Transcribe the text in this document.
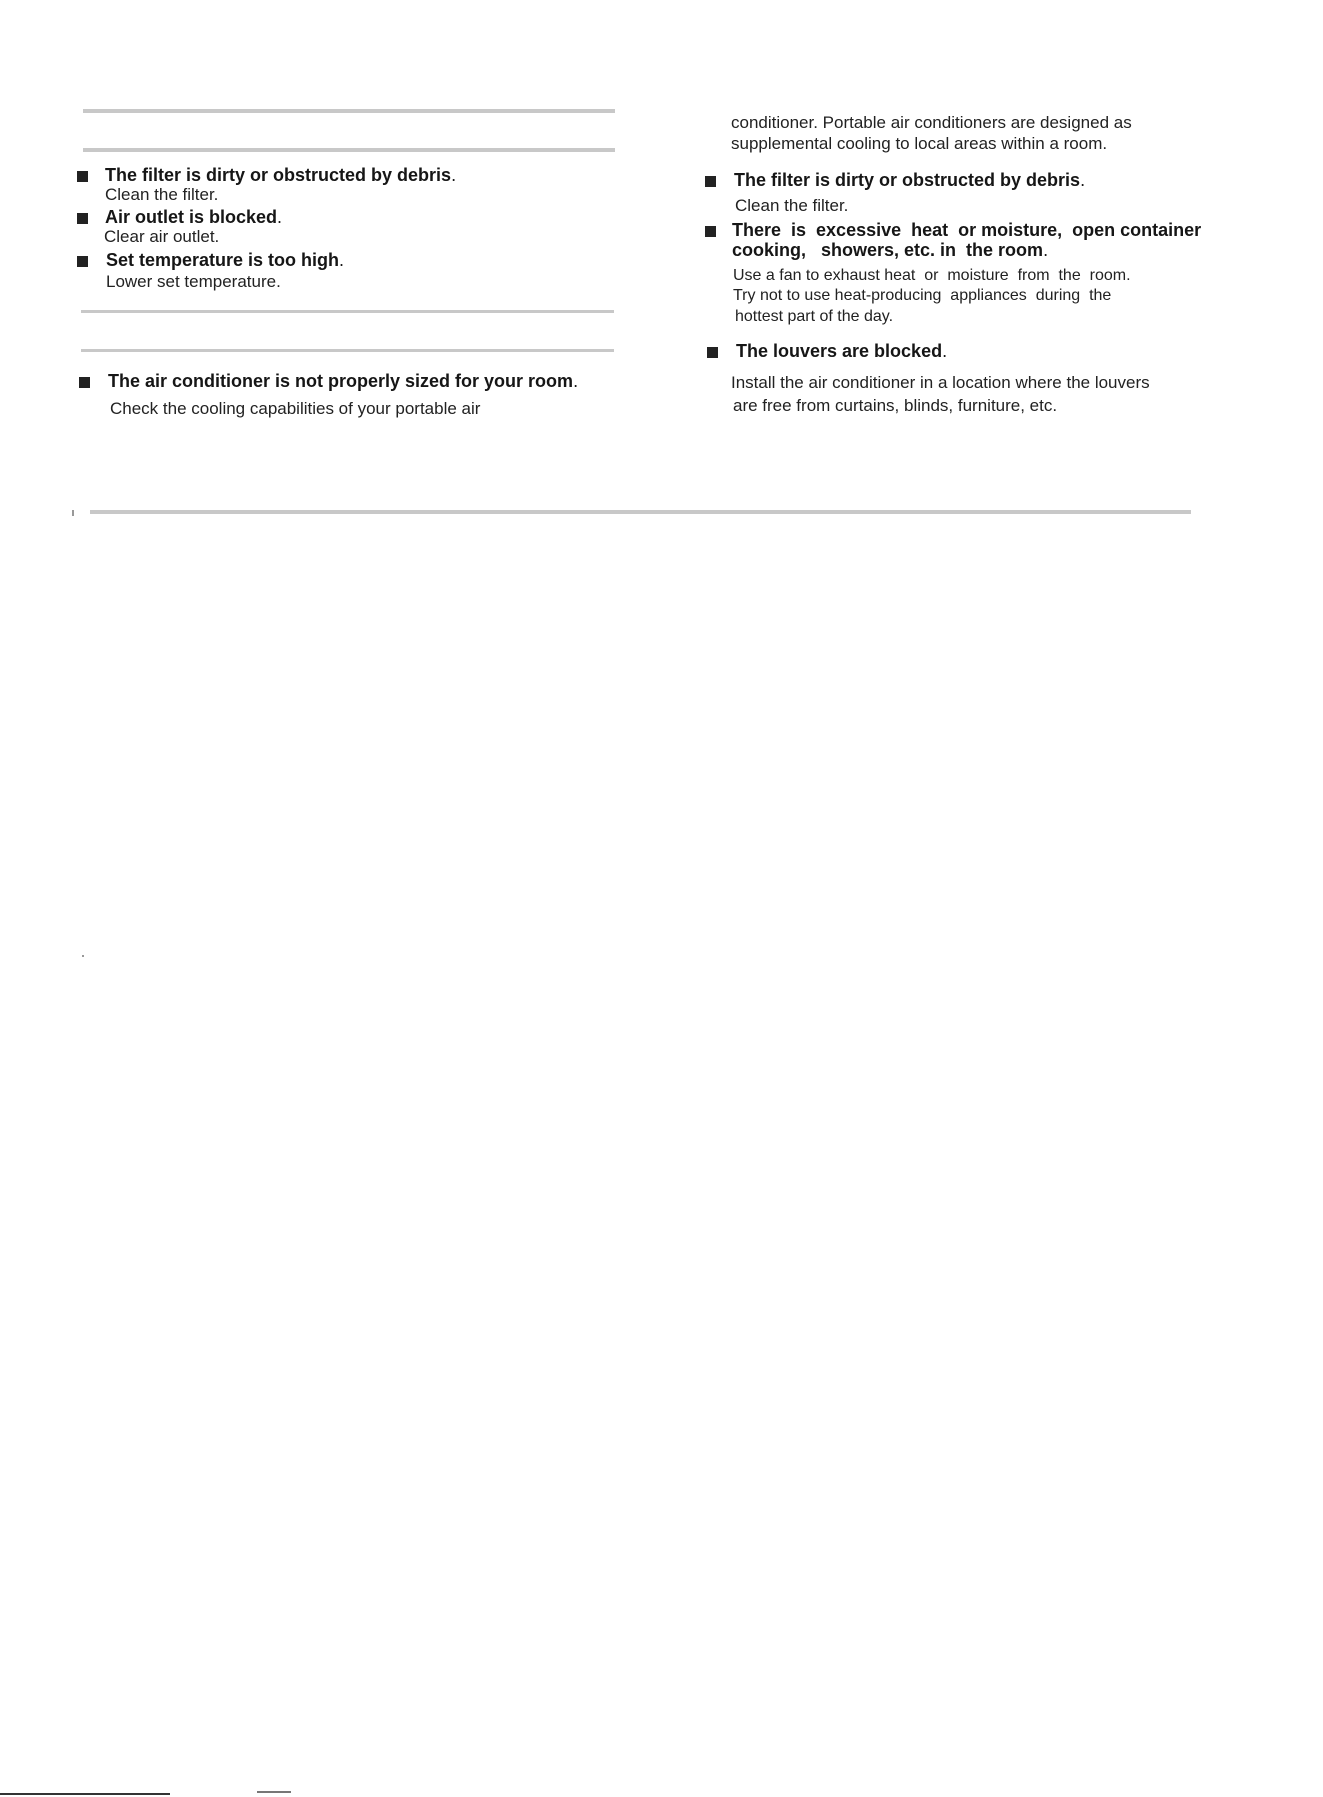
The filter is dirty or obstructed by debris.
Clean the filter.
Air outlet is blocked.
Clear air outlet.
Set temperature is too high.
Lower set temperature.
The air conditioner is not properly sized for your room.
Check the cooling capabilities of your portable air
conditioner. Portable air conditioners are designed as
supplemental cooling to local areas within a room.
The filter is dirty or obstructed by debris.
Clean the filter.
There  is  excessive  heat  or moisture,  open container
cooking,   showers, etc. in  the room.
Use a fan to exhaust heat  or  moisture  from  the  room.
Try not to use heat-producing  appliances  during  the
hottest part of the day.
The louvers are blocked.
Install the air conditioner in a location where the louvers
are free from curtains, blinds, furniture, etc.
